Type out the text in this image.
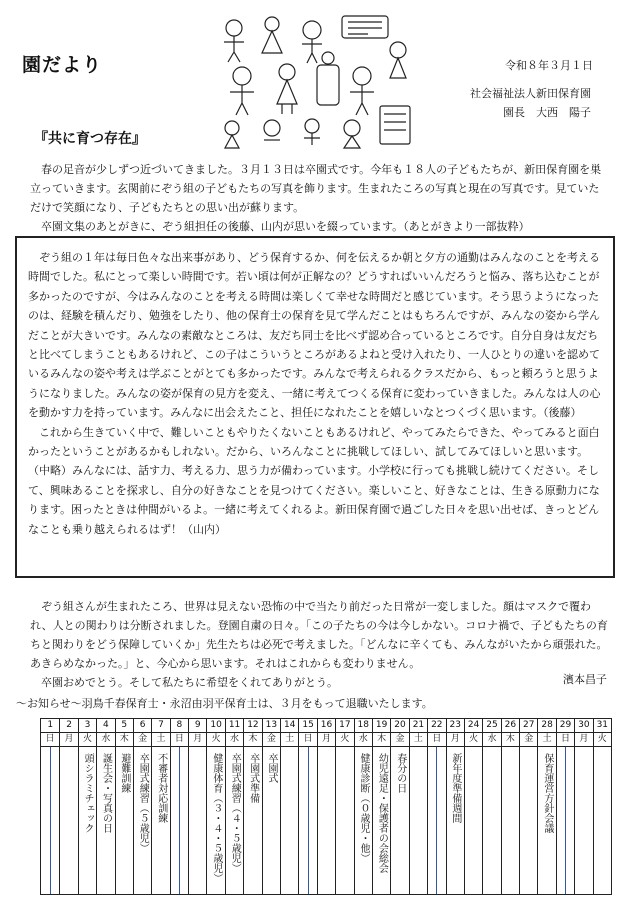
園だより	令和８年３月１日
社会福祉法人新田保育園
園長　大西　陽子
『共に育つ存在』

春の足音が少しずつ近づいてきました。３月１３日は卒園式です。今年も１８人の子どもたちが、新田保育園を巣立っていきます。玄関前にぞう組の子どもたちの写真を飾ります。生まれたころの写真と現在の写真です。見ていただけで笑顔になり、子どもたちとの思い出が蘇ります。

卒園文集のあとがきに、ぞう組担任の後藤、山内が思いを綴っています。（あとがきより一部抜粋）

ぞう組の１年は毎日色々な出来事があり、どう保育するか、何を伝えるか朝と夕方の通勤はみんなのことを考える時間でした。私にとって楽しい時間です。若い頃は何が正解なの？どうすればいいんだろうと悩み、落ち込むことが多かったのですが、今はみんなのことを考える時間は楽しくて幸せな時間だと感じています。そう思うようになったのは、経験を積んだり、勉強をしたり、他の保育士の保育を見て学んだことはもちろんですが、みんなの姿から学んだことが大きいです。みんなの素敵なところは、友だち同士を比べず認め合っているところです。自分自身は友だちと比べてしまうこともあるけれど、この子はこういうところがあるよねと受け入れたり、一人ひとりの違いを認めているみんなの姿や考えは学ぶことがとても多かったです。みんなで考えられるクラスだから、もっと頼ろうと思うようになりました。みんなの姿が保育の見方を変え、一緒に考えてつくる保育に変わっていきました。みんなは人の心を動かす力を持っています。みんなに出会えたこと、担任になれたことを嬉しいなとつくづく思います。（後藤）

これから生きていく中で、難しいこともやりたくないこともあるけれど、やってみたらできた、やってみると面白かったということがあるかもしれない。だから、いろんなことに挑戦してほしい、試してみてほしいと思います。（中略）みんなには、話す力、考える力、思う力が備わっています。小学校に行っても挑戦し続けてください。そして、興味あることを探求し、自分の好きなことを見つけてください。楽しいこと、好きなことは、生きる原動力になります。困ったときは仲間がいるよ。一緒に考えてくれるよ。新田保育園で過ごした日々を思い出せば、きっとどんなことも乗り越えられるはず！（山内）

ぞう組さんが生まれたころ、世界は見えない恐怖の中で当たり前だった日常が一変しました。顔はマスクで覆われ、人との関わりは分断されました。登園自粛の日々。「この子たちの今は今しかない。コロナ禍で、子どもたちの育ちと関わりをどう保障していくか」先生たちは必死で考えました。「どんなに辛くても、みんながいたから頑張れた。あきらめなかった。」と、今心から思います。それはこれからも変わりません。

卒園おめでとう。そして私たちに希望をくれてありがとう。	濱本昌子
～お知らせ～羽鳥千春保育士・永沼由羽平保育士は、３月をもって退職いたします。
1
日
2
月
3
火
頭シラミチェック
4
水
誕生会・写真の日
5
木
避難訓練
6
金
卒園式練習（５歳児）
7
土
不審者対応訓練
8
日
9
月
10
火
健康体育（３・４・５歳児）
11
水
卒園式練習（４・５歳児）
12
木
卒園式準備
13
金
卒園式
14
土
15
日
16
月
17
火
18
水
健康診断（０歳児・他）
19
木
幼児遠足・保護者の会総会
20
金
春分の日
21
土
22
日
23
月
新年度準備週間
24
火
25
水
26
木
27
金
28
土
保育運営方針会議
29
日
30
月
31
火
